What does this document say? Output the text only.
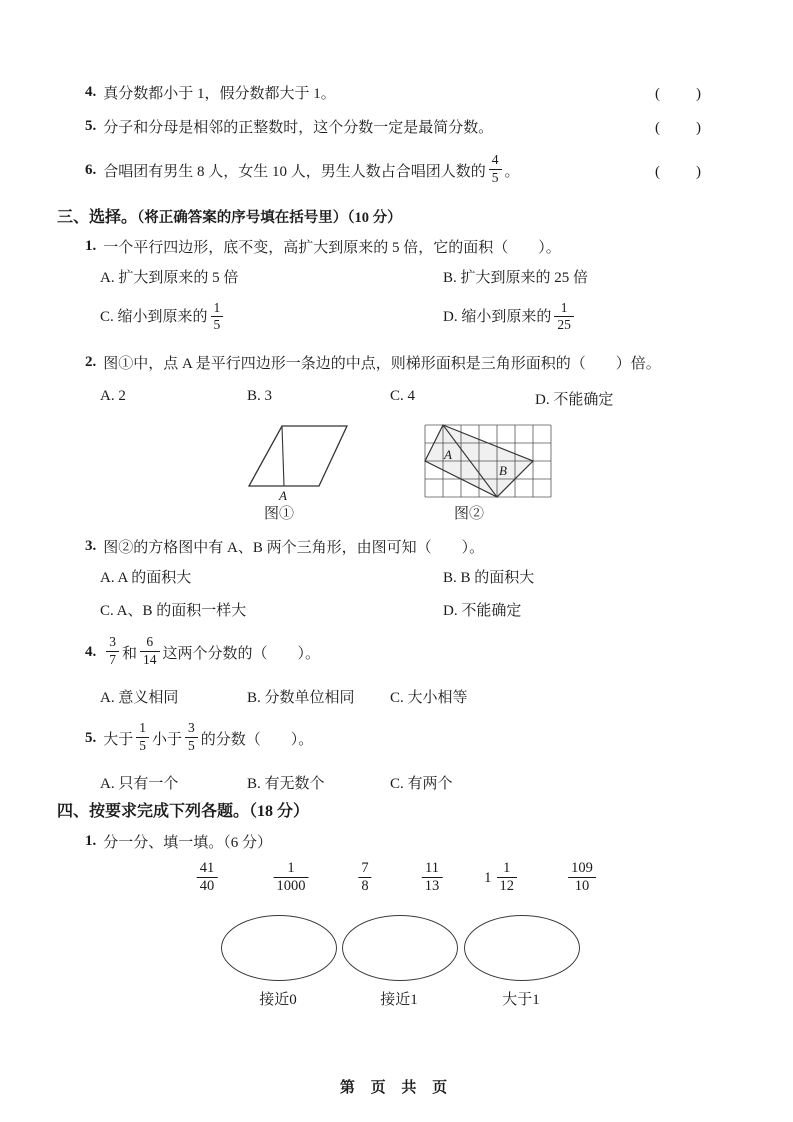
4. 真分数都小于 1，假分数都大于 1。	(　　)
5. 分子和分母是相邻的正整数时，这个分数一定是最简分数。	(　　)
6. 合唱团有男生 8 人，女生 10 人，男生人数占合唱团人数的 $\frac{4}{5}$ 。	(　　)
三、选择。（将正确答案的序号填在括号里）（10 分）
1. 一个平行四边形，底不变，高扩大到原来的 5 倍，它的面积（　　）。
A. 扩大到原来的 5 倍	B. 扩大到原来的 25 倍
C. 缩小到原来的 $\frac{1}{5}$	D. 缩小到原来的 $\frac{1}{25}$
2. 图①中，点 A 是平行四边形一条边的中点，则梯形面积是三角形面积的（　　）倍。
A. 2	B. 3	C. 4	D. 不能确定
A
图①
A
B
图②
3. 图②的方格图中有 A、B 两个三角形，由图可知（　　）。
A. A 的面积大	B. B 的面积大
C. A、B 的面积一样大	D. 不能确定
4. $\frac{3}{7}$ 和 $\frac{6}{14}$ 这两个分数的（　　）。
A. 意义相同	B. 分数单位相同 C. 大小相等
5. 大于 $\frac{1}{5}$ 小于 $\frac{3}{5}$ 的分数（　　）。
A. 只有一个	B. 有无数个	C. 有两个
四、按要求完成下列各题。（18 分）
1. 分一分、填一填。（6 分）
$\frac{41}{40}$	$\frac{1}{1000}$	$\frac{7}{8}$	$\frac{11}{13}$	$1 \frac{1}{12}$	$\frac{109}{10}$
接近0	接近1	大于1
第 页 共 页
